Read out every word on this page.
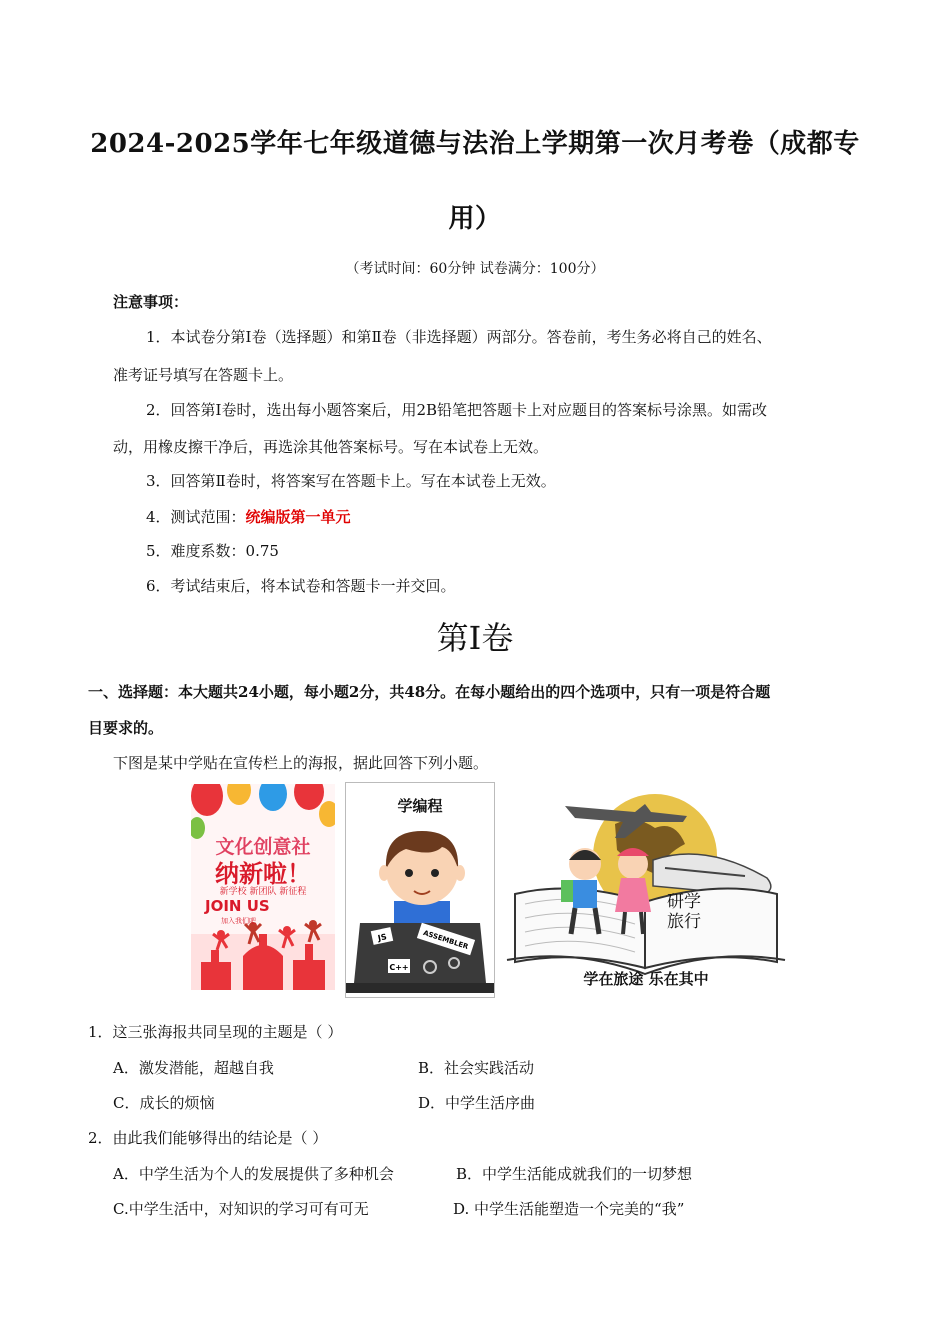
2024-2025学年七年级道德与法治上学期第一次月考卷（成都专
用）
（考试时间：60分钟 试卷满分：100分）
注意事项：
1．本试卷分第Ⅰ卷（选择题）和第Ⅱ卷（非选择题）两部分。答卷前，考生务必将自己的姓名、
准考证号填写在答题卡上。
2．回答第Ⅰ卷时，选出每小题答案后，用2B铅笔把答题卡上对应题目的答案标号涂黑。如需改
动，用橡皮擦干净后，再选涂其他答案标号。写在本试卷上无效。
3．回答第Ⅱ卷时，将答案写在答题卡上。写在本试卷上无效。
4．测试范围：统编版第一单元
5．难度系数：0.75
6．考试结束后，将本试卷和答题卡一并交回。
第Ⅰ卷
一、选择题：本大题共24小题，每小题2分，共48分。在每小题给出的四个选项中，只有一项是符合题
目要求的。
下图是某中学贴在宣传栏上的海报，据此回答下列小题。
文化创意社
纳新啦！
新学校 新团队 新征程
JOIN US
加入我们吧
学编程
JS	ASSEMBLER
C++
研学
旅行
学在旅途 乐在其中
1．这三张海报共同呈现的主题是（ ）
A．激发潜能，超越自我	B．社会实践活动
C．成长的烦恼	D．中学生活序曲
2．由此我们能够得出的结论是（ ）
A．中学生活为个人的发展提供了多种机会	B．中学生活能成就我们的一切梦想
C.中学生活中，对知识的学习可有可无	D. 中学生活能塑造一个完美的“我”
